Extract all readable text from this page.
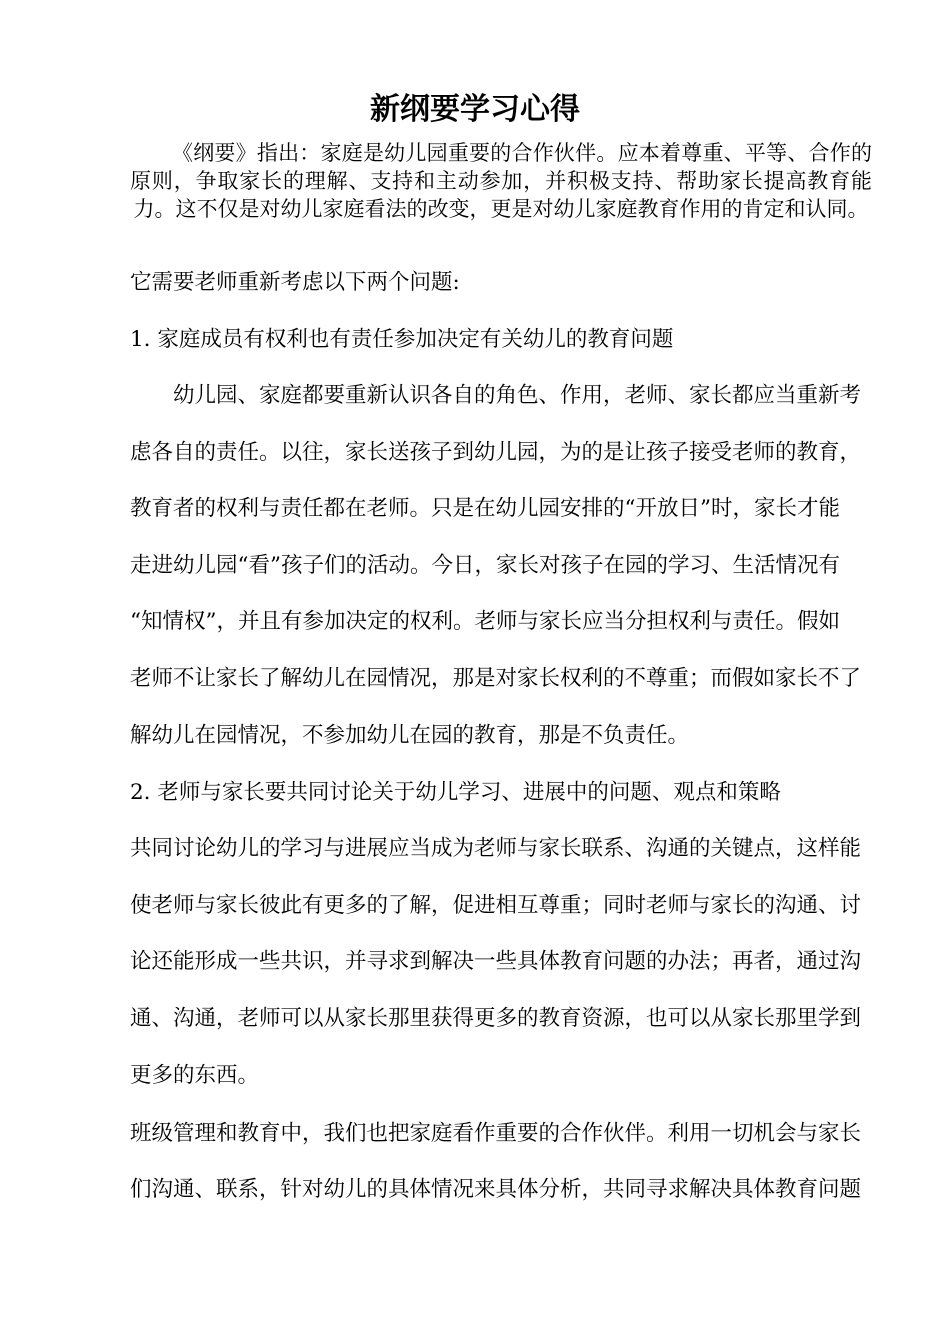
新纲要学习心得
《纲要》指出：家庭是幼儿园重要的合作伙伴。应本着尊重、平等、合作的原则，争取家长的理解、支持和主动参加，并积极支持、帮助家长提高教育能力。这不仅是对幼儿家庭看法的改变，更是对幼儿家庭教育作用的肯定和认同。
它需要老师重新考虑以下两个问题:
1. 家庭成员有权利也有责任参加决定有关幼儿的教育问题
幼儿园、家庭都要重新认识各自的角色、作用，老师、家长都应当重新考
虑各自的责任。以往，家长送孩子到幼儿园，为的是让孩子接受老师的教育，
教育者的权利与责任都在老师。只是在幼儿园安排的“开放日”时，家长才能
走进幼儿园“看”孩子们的活动。今日，家长对孩子在园的学习、生活情况有
“知情权”，并且有参加决定的权利。老师与家长应当分担权利与责任。假如
老师不让家长了解幼儿在园情况，那是对家长权利的不尊重；而假如家长不了
解幼儿在园情况，不参加幼儿在园的教育，那是不负责任。
2. 老师与家长要共同讨论关于幼儿学习、进展中的问题、观点和策略
共同讨论幼儿的学习与进展应当成为老师与家长联系、沟通的关键点，这样能
使老师与家长彼此有更多的了解，促进相互尊重；同时老师与家长的沟通、讨
论还能形成一些共识，并寻求到解决一些具体教育问题的办法；再者，通过沟
通、沟通，老师可以从家长那里获得更多的教育资源，也可以从家长那里学到
更多的东西。
班级管理和教育中，我们也把家庭看作重要的合作伙伴。利用一切机会与家长
们沟通、联系，针对幼儿的具体情况来具体分析，共同寻求解决具体教育问题
